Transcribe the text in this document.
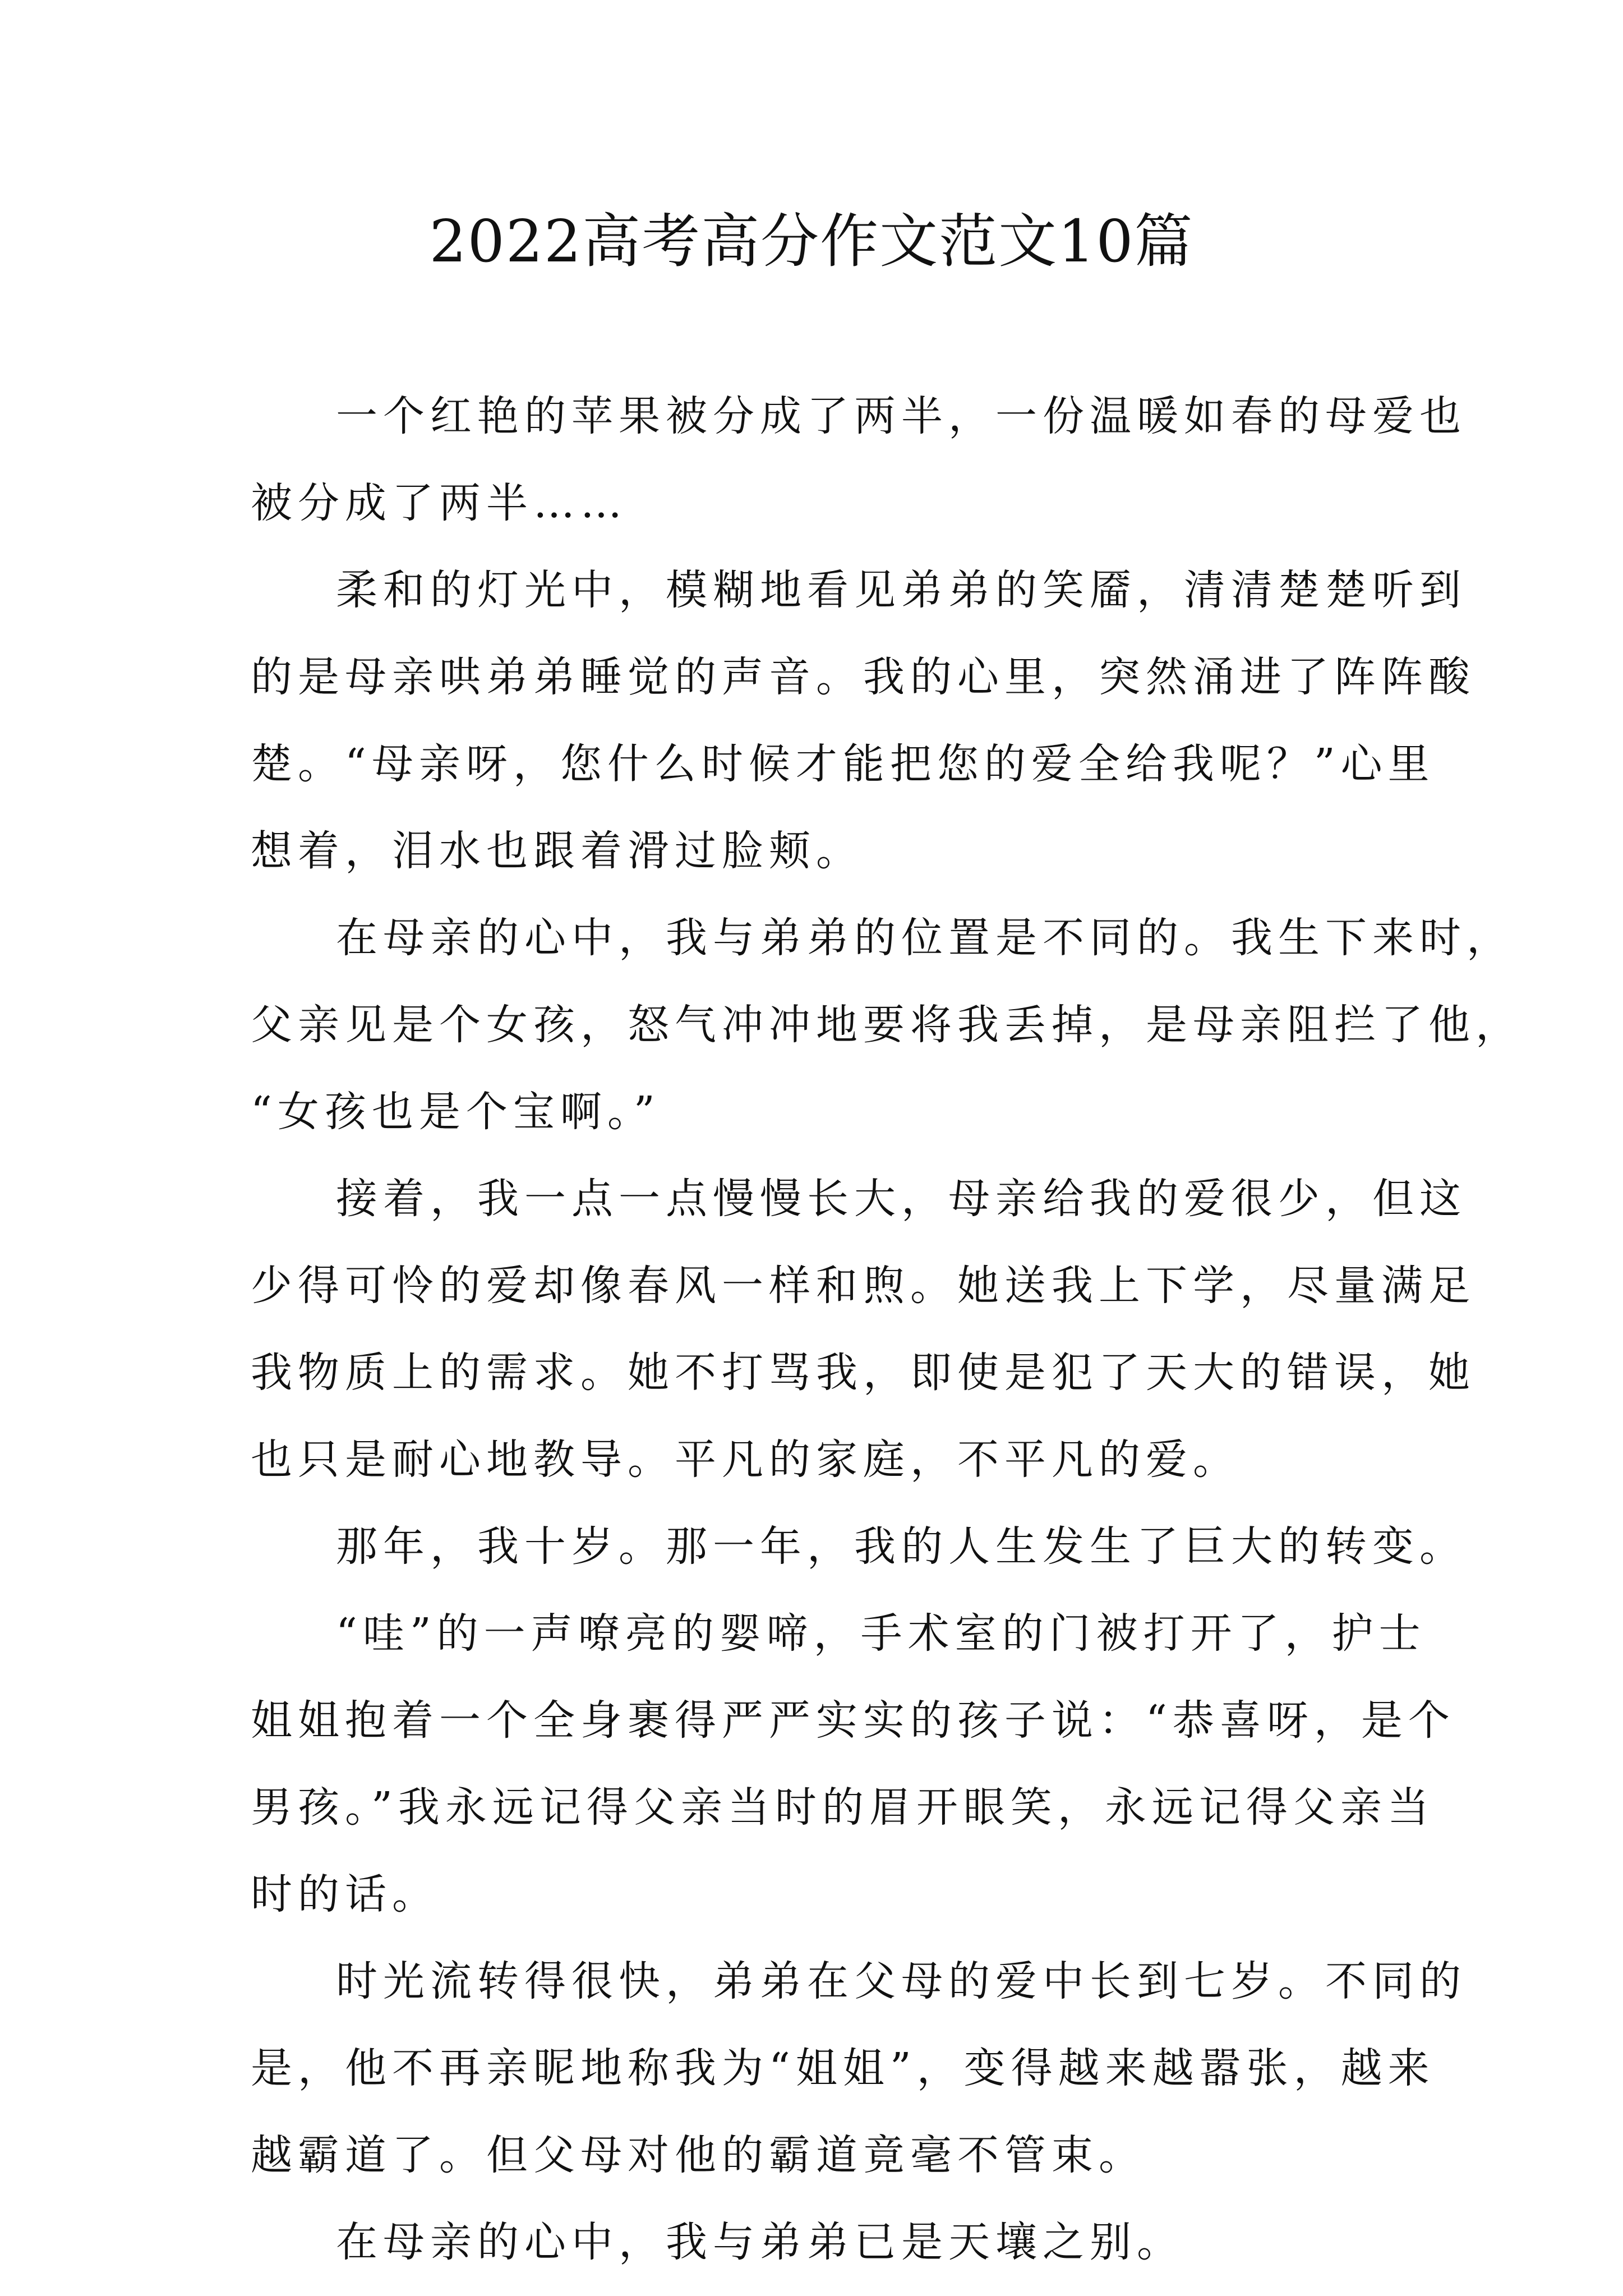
2022高考高分作文范文10篇
一个红艳的苹果被分成了两半，一份温暖如春的母爱也
被分成了两半……
柔和的灯光中，模糊地看见弟弟的笑靥，清清楚楚听到
的是母亲哄弟弟睡觉的声音。我的心里，突然涌进了阵阵酸
楚。“母亲呀，您什么时候才能把您的爱全给我呢？”心里
想着，泪水也跟着滑过脸颊。
在母亲的心中，我与弟弟的位置是不同的。我生下来时，
父亲见是个女孩，怒气冲冲地要将我丢掉，是母亲阻拦了他，
“女孩也是个宝啊。”
接着，我一点一点慢慢长大，母亲给我的爱很少，但这
少得可怜的爱却像春风一样和煦。她送我上下学，尽量满足
我物质上的需求。她不打骂我，即使是犯了天大的错误，她
也只是耐心地教导。平凡的家庭，不平凡的爱。
那年，我十岁。那一年，我的人生发生了巨大的转变。
“哇”的一声嘹亮的婴啼，手术室的门被打开了，护士
姐姐抱着一个全身裹得严严实实的孩子说：“恭喜呀，是个
男孩。”我永远记得父亲当时的眉开眼笑，永远记得父亲当
时的话。
时光流转得很快，弟弟在父母的爱中长到七岁。不同的
是，他不再亲昵地称我为“姐姐”，变得越来越嚣张，越来
越霸道了。但父母对他的霸道竟毫不管束。
在母亲的心中，我与弟弟已是天壤之别。
